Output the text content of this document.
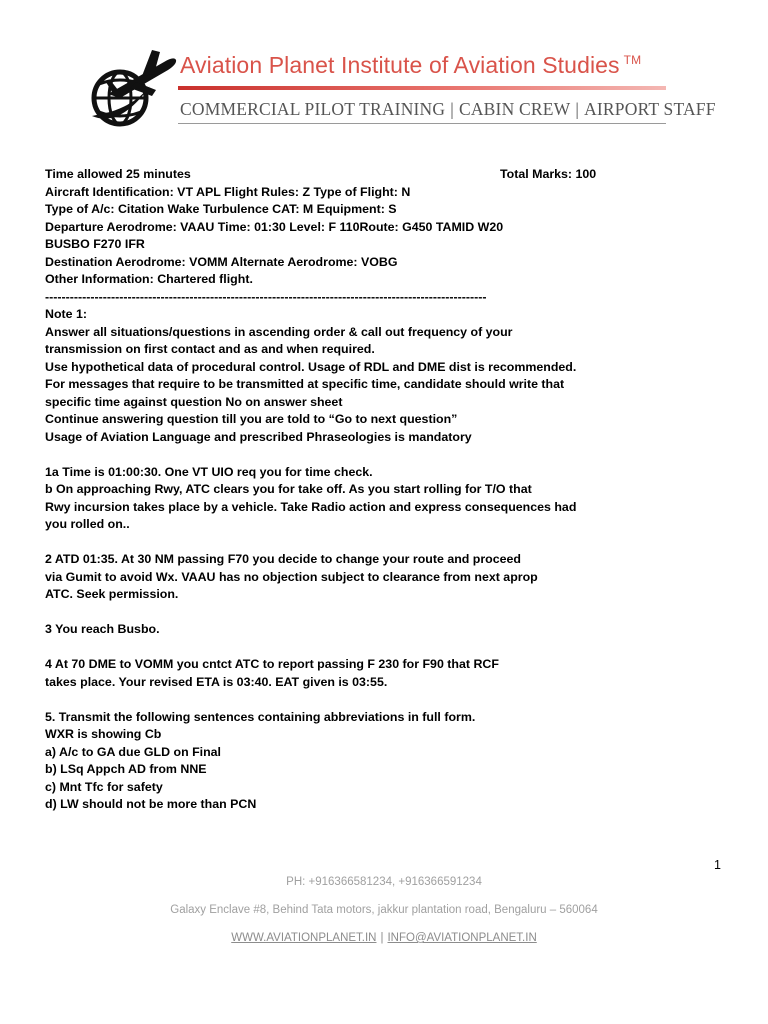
Aviation Planet Institute of Aviation Studies ™
COMMERCIAL PILOT TRAINING | CABIN CREW | AIRPORT STAFF
Time allowed 25 minutes	Total Marks: 100
Aircraft Identification: VT APL Flight Rules: Z Type of Flight: N
Type of A/c: Citation Wake Turbulence CAT: M Equipment: S
Departure Aerodrome: VAAU Time: 01:30 Level: F 110Route: G450 TAMID W20
BUSBO F270 IFR
Destination Aerodrome: VOMM Alternate Aerodrome: VOBG
Other Information: Chartered flight.
-----------------------------------------------------------------------------------------------------------
Note 1:
Answer all situations/questions in ascending order & call out frequency of your
transmission on first contact and as and when required.
Use hypothetical data of procedural control. Usage of RDL and DME dist is recommended.
For messages that require to be transmitted at specific time, candidate should write that
specific time against question No on answer sheet
Continue answering question till you are told to “Go to next question”
Usage of Aviation Language and prescribed Phraseologies is mandatory
1a Time is 01:00:30. One VT UIO req you for time check.
b On approaching Rwy, ATC clears you for take off. As you start rolling for T/O that
Rwy incursion takes place by a vehicle. Take Radio action and express consequences had
you rolled on..
2 ATD 01:35. At 30 NM passing F70 you decide to change your route and proceed
via Gumit to avoid Wx. VAAU has no objection subject to clearance from next aprop
ATC. Seek permission.
3 You reach Busbo.
4 At 70 DME to VOMM you cntct ATC to report passing F 230 for F90 that RCF
takes place. Your revised ETA is 03:40. EAT given is 03:55.
5. Transmit the following sentences containing abbreviations in full form.
WXR is showing Cb
a) A/c to GA due GLD on Final
b) LSq Appch AD from NNE
c) Mnt Tfc for safety
d) LW should not be more than PCN
1
PH: +916366581234, +916366591234
Galaxy Enclave #8, Behind Tata motors, jakkur plantation road, Bengaluru – 560064
WWW.AVIATIONPLANET.IN | INFO@AVIATIONPLANET.IN
